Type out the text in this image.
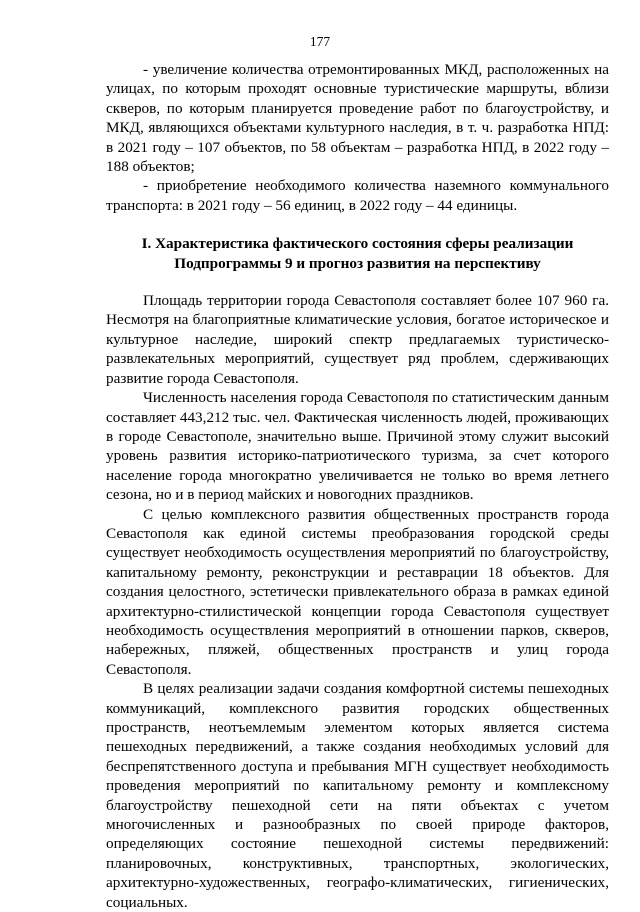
177

- увеличение количества отремонтированных МКД, расположенных на улицах, по которым проходят основные туристические маршруты, вблизи скверов, по которым планируется проведение работ по благоустройству, и МКД, являющихся объектами культурного наследия, в т. ч. разработка НПД: в 2021 году – 107 объектов, по 58 объектам – разработка НПД, в 2022 году – 188 объектов;

- приобретение необходимого количества наземного коммунального транспорта: в 2021 году – 56 единиц, в 2022 году – 44 единицы.

I. Характеристика фактического состояния сферы реализации
Подпрограммы 9 и прогноз развития на перспективу

Площадь территории города Севастополя составляет более 107 960 га. Несмотря на благоприятные климатические условия, богатое историческое и культурное наследие, широкий спектр предлагаемых туристическо-развлекательных мероприятий, существует ряд проблем, сдерживающих развитие города Севастополя.

Численность населения города Севастополя по статистическим данным составляет 443,212 тыс. чел. Фактическая численность людей, проживающих в городе Севастополе, значительно выше. Причиной этому служит высокий уровень развития историко-патриотического туризма, за счет которого население города многократно увеличивается не только во время летнего сезона, но и в период майских и новогодних праздников.

С целью комплексного развития общественных пространств города Севастополя как единой системы преобразования городской среды существует необходимость осуществления мероприятий по благоустройству, капитальному ремонту, реконструкции и реставрации 18 объектов. Для создания целостного, эстетически привлекательного образа в рамках единой архитектурно-стилистической концепции города Севастополя существует необходимость осуществления мероприятий в отношении парков, скверов, набережных, пляжей, общественных пространств и улиц города Севастополя.

В целях реализации задачи создания комфортной системы пешеходных коммуникаций, комплексного развития городских общественных пространств, неотъемлемым элементом которых является система пешеходных передвижений, а также создания необходимых условий для беспрепятственного доступа и пребывания МГН существует необходимость проведения мероприятий по капитальному ремонту и комплексному благоустройству пешеходной сети на пяти объектах с учетом многочисленных и разнообразных по своей природе факторов, определяющих состояние пешеходной системы передвижений: планировочных, конструктивных, транспортных, экологических, архитектурно-художественных, географо-климатических, гигиенических, социальных.
